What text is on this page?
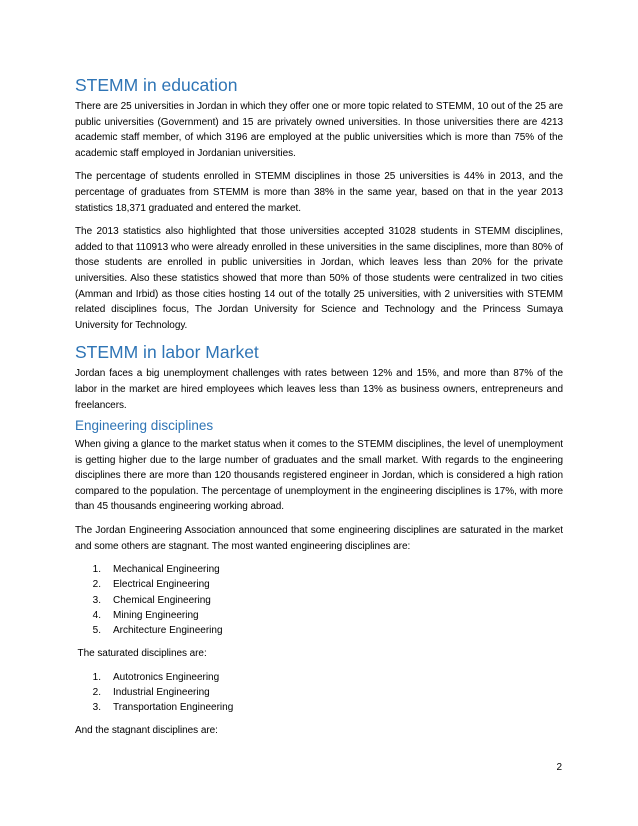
STEMM in education

There are 25 universities in Jordan in which they offer one or more topic related to STEMM, 10 out of the 25 are public universities (Government) and 15 are privately owned universities. In those universities there are 4213 academic staff member, of which 3196 are employed at the public universities which is more than 75% of the academic staff employed in Jordanian universities.

The percentage of students enrolled in STEMM disciplines in those 25 universities is 44% in 2013, and the percentage of graduates from STEMM is more than 38% in the same year, based on that in the year 2013 statistics 18,371 graduated and entered the market.

The 2013 statistics also highlighted that those universities accepted 31028 students in STEMM disciplines, added to that 110913 who were already enrolled in these universities in the same disciplines, more than 80% of those students are enrolled in public universities in Jordan, which leaves less than 20% for the private universities. Also these statistics showed that more than 50% of those students were centralized in two cities (Amman and Irbid) as those cities hosting 14 out of the totally 25 universities, with 2 universities with STEMM related disciplines focus, The Jordan University for Science and Technology and the Princess Sumaya University for Technology.

STEMM in labor Market

Jordan faces a big unemployment challenges with rates between 12% and 15%, and more than 87% of the labor in the market are hired employees which leaves less than 13% as business owners, entrepreneurs and freelancers.

Engineering disciplines

When giving a glance to the market status when it comes to the STEMM disciplines, the level of unemployment is getting higher due to the large number of graduates and the small market. With regards to the engineering disciplines there are more than 120 thousands registered engineer in Jordan, which is considered a high ration compared to the population. The percentage of unemployment in the engineering disciplines is 17%, with more than 45 thousands engineering working abroad.

The Jordan Engineering Association announced that some engineering disciplines are saturated in the market and some others are stagnant. The most wanted engineering disciplines are:

1.	Mechanical Engineering
2.	Electrical Engineering
3.	Chemical Engineering
4.	Mining Engineering
5.	Architecture Engineering

The saturated disciplines are:

1.	Autotronics Engineering
2.	Industrial Engineering
3.	Transportation Engineering

And the stagnant disciplines are:

2
